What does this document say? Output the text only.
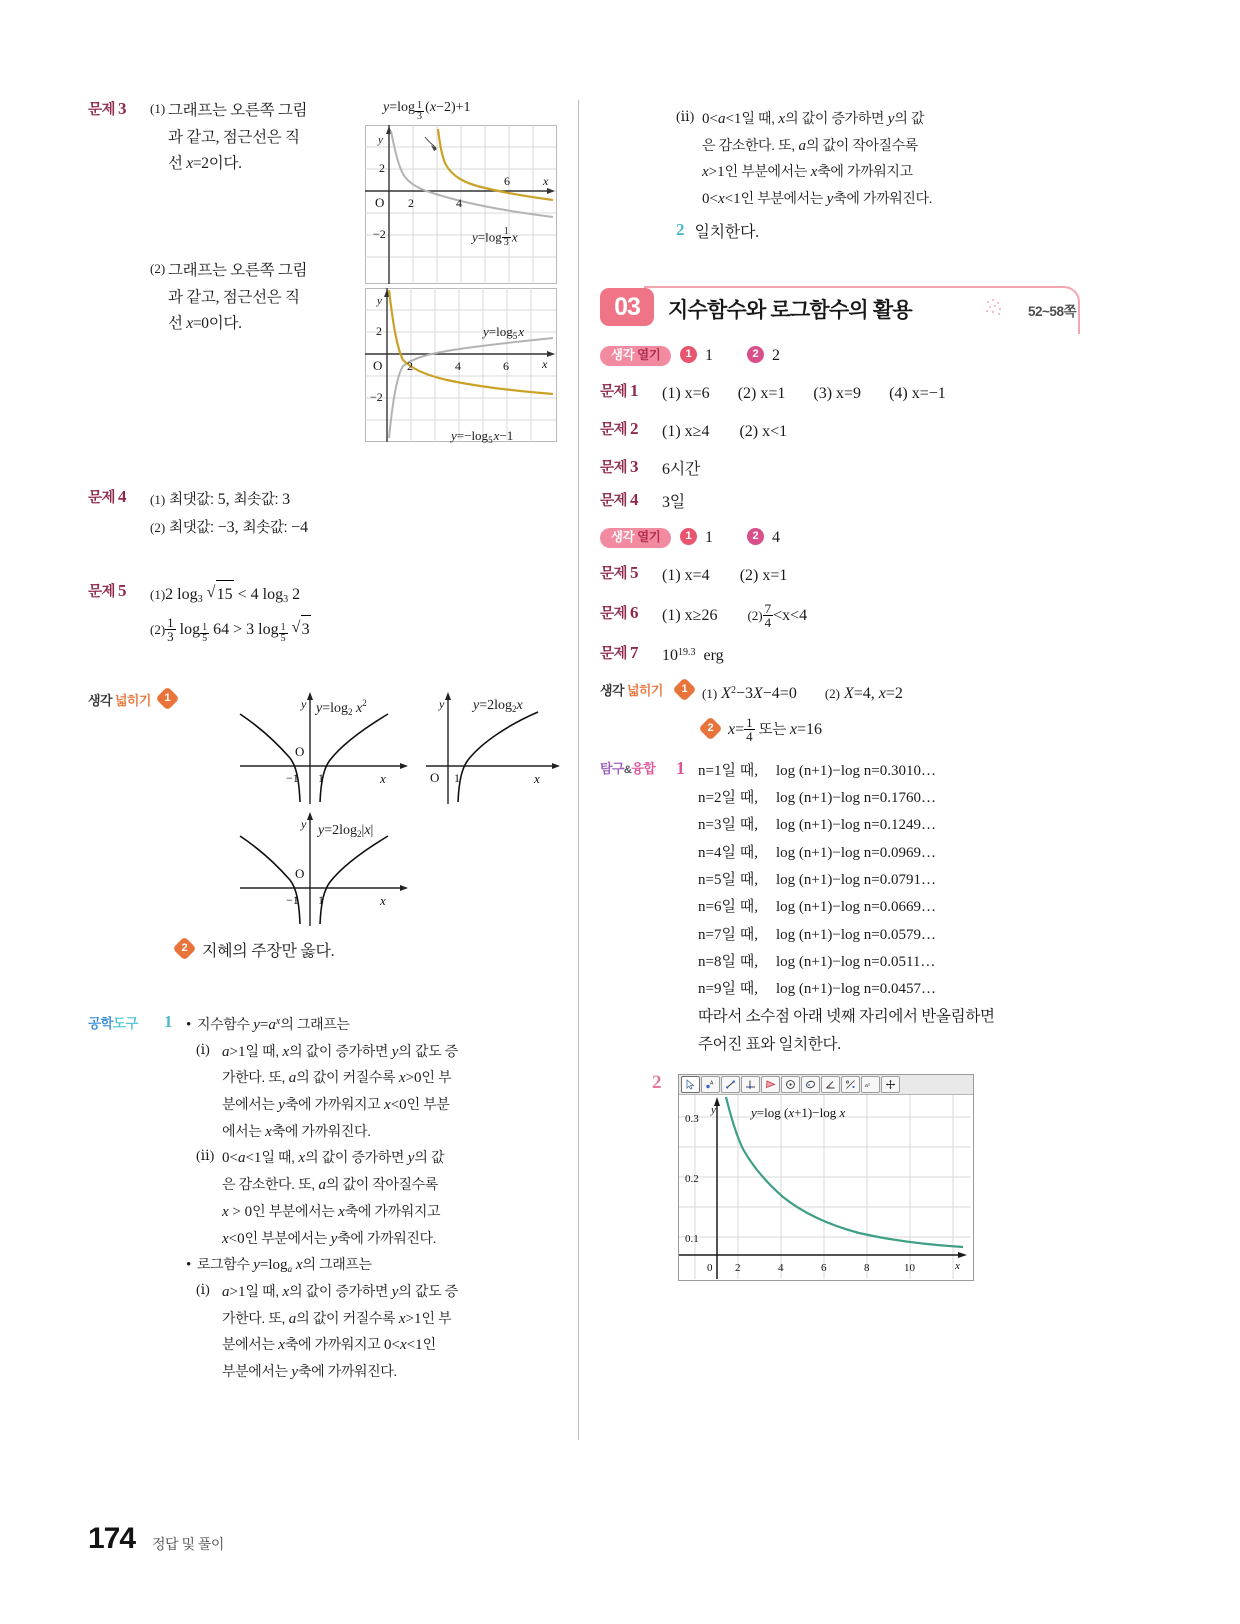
문제 3	(1) 그래프는 오른쪽 그림
과 같고, 점근선은 직
선 x=2이다.
(2) 그래프는 오른쪽 그림
과 같고, 점근선은 직
선 x=0이다.
y=log $_{\frac{1}{3}}$  (x−2)+1
y
2
−2
O 2	4
6	x
$y=\log \frac{1}{3}$
  x
y
2
−2
O 2	4	6	x
$y=\log_5$ x
$y=-\log_5$ x−1
문제 4	(1) 최댓값: 5, 최솟값: 3
(2) 최댓값: −3, 최솟값: −4
문제 5	(1)2 $\log_3$ √ 15 < 4 $\log_3 2$
$(2) \frac{1}{3}$ log $_{\frac{1}{5}}$ 64 > 3 log $_{\frac{1}{5}}$ √ 3
생각 넓히기	1
O
−1 1	x
y $y=\log_2$ $x^2$
O 1	x
y $y=2\log_2x$
O
−1 1	x
y $y=2\log_2|x|$
2 지혜의 주장만 옳다.
공학도구	1 • 지수함수 $y=a^x$의 그래프는
(ⅰ) a>1일 때, x의 값이 증가하면 y의 값도 증
가한다. 또, a의 값이 커질수록 x>0인 부
분에서는 y축에 가까워지고 x<0인 부분
에서는 x축에 가까워진다.
(ⅱ) 0<a<1일 때, x의 값이 증가하면 y의 값
은 감소한다. 또, a의 값이 작아질수록
x > 0인 부분에서는 x축에 가까워지고
x<0인 부분에서는 y축에 가까워진다.
• 로그함수 $y=\log_a$ x의 그래프는
(ⅰ) a>1일 때, x의 값이 증가하면 y의 값도 증
가한다. 또, a의 값이 커질수록 x>1인 부
분에서는 x축에 가까워지고 0<x<1인
부분에서는 y축에 가까워진다.
(ⅱ) 0<a<1일 때, x의 값이 증가하면 y의 값
은 감소한다. 또, a의 값이 작아질수록
x>1인 부분에서는 x축에 가까워지고
0<x<1인 부분에서는 y축에 가까워진다.
2 일치한다.
03	지수함수와 로그함수의 활용	52~58쪽
생각 열기	1 1	2 2
문제 1	(1) x=6 (2) x=1 (3) x=9 (4) x=−1
문제 2	(1) x≥4 (2) x<1
문제 3	6시간
문제 4	3일
생각 열기	1 1	2 4
문제 5	(1) x=4 (2) x=1
문제 6	(1) x≥26 $(2) \frac{7}{4} <x<4$
문제 7	$10^{19.3}$ erg
생각 넓히기	1	(1) $X^2-3X-4=0$ (2) X=4, x=2
2 $x= \frac{1}{4}$ 또는 x=16
탐구&융합	1 n=1일 때, log (n+1)−log n=0.3010…
n=2일 때, log (n+1)−log n=0.1760…
n=3일 때, log (n+1)−log n=0.1249…
n=4일 때, log (n+1)−log n=0.0969…
n=5일 때, log (n+1)−log n=0.0791…
n=6일 때, log (n+1)−log n=0.0669…
n=7일 때, log (n+1)−log n=0.0579…
n=8일 때, log (n+1)−log n=0.0511…
n=9일 때, log (n+1)−log n=0.0457…
따라서 소수점 아래 넷째 자리에서 반올림하면
주어진 표와 일치한다.
2	A	a²
y
0.3
0.2
0.1
0 2	4	6	8	10	x
y=log (x+1)−log x
174 정답 및 풀이
